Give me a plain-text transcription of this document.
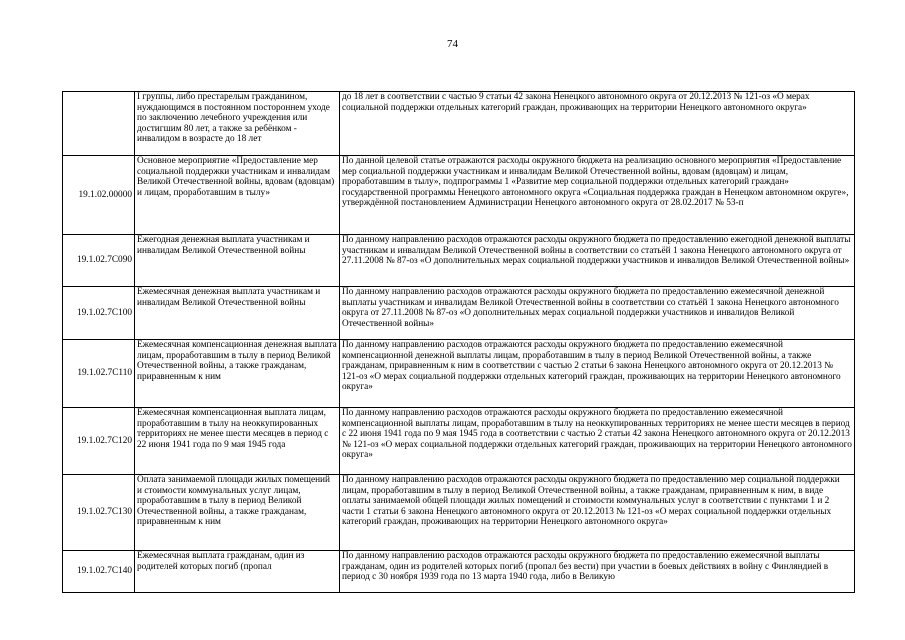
74
	I группы, либо престарелым гражданином, нуждающимся в постоянном постороннем уходе по заключению лечебного учреждения или достигшим 80 лет, а также за ребёнком - инвалидом в возрасте до 18 лет	до 18 лет в соответствии с частью 9 статьи 42 закона Ненецкого автономного округа от 20.12.2013 № 121-оз «О мерах социальной поддержки отдельных категорий граждан, проживающих на территории Ненецкого автономного округа»
19.1.02.00000	Основное мероприятие «Предоставление мер социальной поддержки участникам и инвалидам Великой Отечественной войны, вдовам (вдовцам) и лицам, проработавшим в тылу»	По данной целевой статье отражаются расходы окружного бюджета на реализацию основного мероприятия «Предоставление мер социальной поддержки участникам и инвалидам Великой Отечественной войны, вдовам (вдовцам) и лицам, проработавшим в тылу», подпрограммы 1 «Развитие мер социальной поддержки отдельных категорий граждан» государственной программы Ненецкого автономного округа «Социальная поддержка граждан в Ненецком автономном округе», утверждённой постановлением Администрации Ненецкого автономного округа от 28.02.2017 № 53-п
19.1.02.7С090	Ежегодная денежная выплата участникам и инвалидам Великой Отечественной войны	По данному направлению расходов отражаются расходы окружного бюджета по предоставлению ежегодной денежной выплаты участникам и инвалидам Великой Отечественной войны в соответствии со статьёй 1 закона Ненецкого автономного округа от 27.11.2008 № 87-оз «О дополнительных мерах социальной поддержки участников и инвалидов Великой Отечественной войны»
19.1.02.7С100	Ежемесячная денежная выплата участникам и инвалидам Великой Отечественной войны	По данному направлению расходов отражаются расходы окружного бюджета по предоставлению ежемесячной денежной выплаты участникам и инвалидам Великой Отечественной войны в соответствии со статьёй 1 закона Ненецкого автономного округа от 27.11.2008 № 87-оз «О дополнительных мерах социальной поддержки участников и инвалидов Великой Отечественной войны»
19.1.02.7С110	Ежемесячная компенсационная денежная выплата лицам, проработавшим в тылу в период Великой Отечественной войны, а также гражданам, приравненным к ним	По данному направлению расходов отражаются расходы окружного бюджета по предоставлению ежемесячной компенсационной денежной выплаты лицам, проработавшим в тылу в период Великой Отечественной войны, а также гражданам, приравненным к ним в соответствии с частью 2 статьи 6 закона Ненецкого автономного округа от 20.12.2013 № 121-оз «О мерах социальной поддержки отдельных категорий граждан, проживающих на территории Ненецкого автономного округа»
19.1.02.7С120	Ежемесячная компенсационная выплата лицам, проработавшим в тылу на неоккупированных территориях не менее шести месяцев в период с 22 июня 1941 года по 9 мая 1945 года	По данному направлению расходов отражаются расходы окружного бюджета по предоставлению ежемесячной компенсационной выплаты лицам, проработавшим в тылу на неоккупированных территориях не менее шести месяцев в период с 22 июня 1941 года по 9 мая 1945 года в соответствии с частью 2 статьи 42 закона Ненецкого автономного округа от 20.12.2013 № 121-оз «О мерах социальной поддержки отдельных категорий граждан, проживающих на территории Ненецкого автономного округа»
19.1.02.7С130	Оплата занимаемой площади жилых помещений и стоимости коммунальных услуг лицам, проработавшим в тылу в период Великой Отечественной войны, а также гражданам, приравненным к ним	По данному направлению расходов отражаются расходы окружного бюджета по предоставлению мер социальной поддержки лицам, проработавшим в тылу в период Великой Отечественной войны, а также гражданам, приравненным к ним, в виде оплаты занимаемой общей площади жилых помещений и стоимости коммунальных услуг в соответствии с пунктами 1 и 2 части 1 статьи 6 закона Ненецкого автономного округа от 20.12.2013 № 121-оз «О мерах социальной поддержки отдельных категорий граждан, проживающих на территории Ненецкого автономного округа»
19.1.02.7С140	Ежемесячная выплата гражданам, один из родителей которых погиб (пропал	По данному направлению расходов отражаются расходы окружного бюджета по предоставлению ежемесячной выплаты гражданам, один из родителей которых погиб (пропал без вести) при участии в боевых действиях в войну с Финляндией в период с 30 ноября 1939 года по 13 марта 1940 года, либо в Великую
